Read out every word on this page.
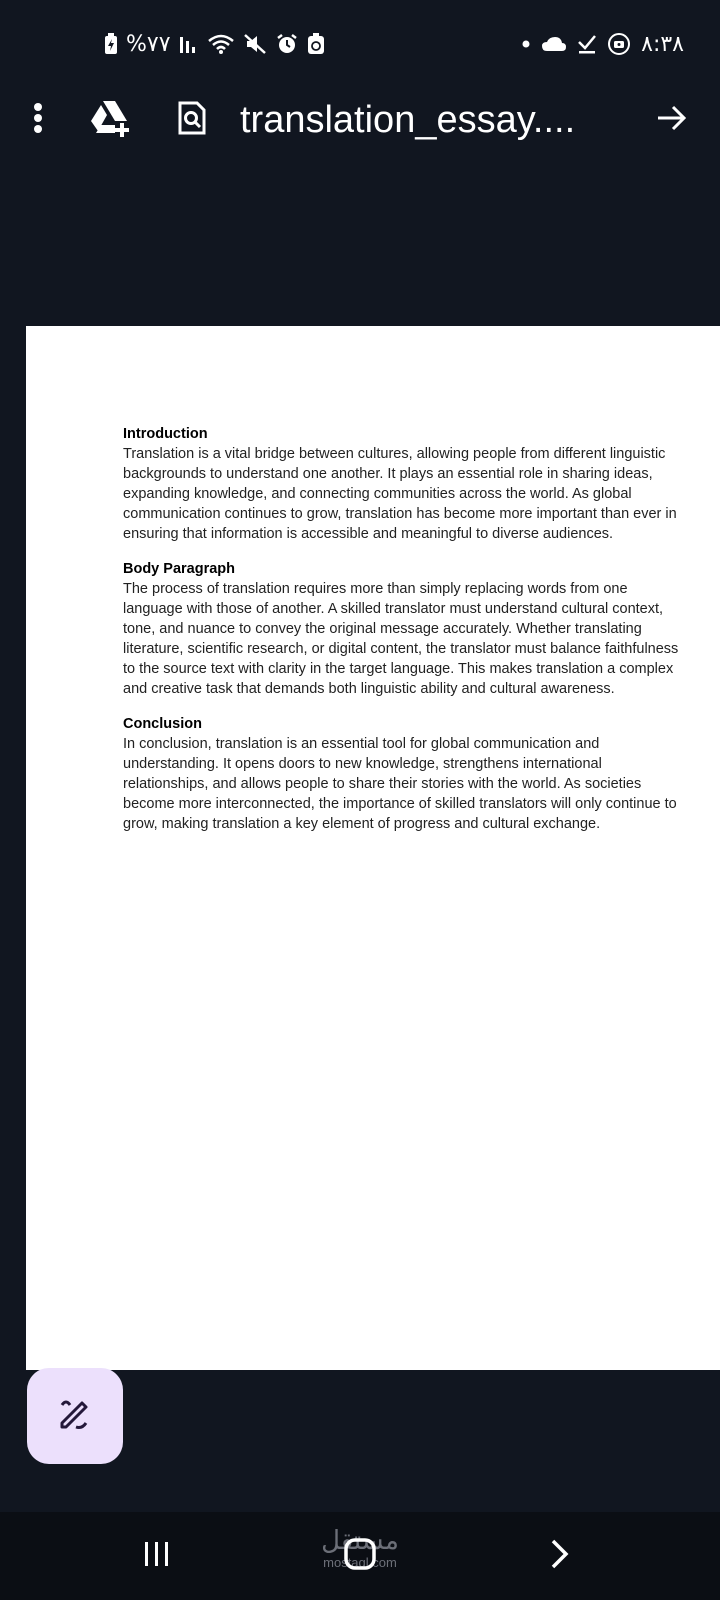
%٧٧	٨:٣٨
translation_essay....

Introduction

Translation is a vital bridge between cultures, allowing people from different linguistic backgrounds to understand one another. It plays an essential role in sharing ideas, expanding knowledge, and connecting communities across the world. As global communication continues to grow, translation has become more important than ever in ensuring that information is accessible and meaningful to diverse audiences.

Body Paragraph

The process of translation requires more than simply replacing words from one language with those of another. A skilled translator must understand cultural context, tone, and nuance to convey the original message accurately. Whether translating literature, scientific research, or digital content, the translator must balance faithfulness to the source text with clarity in the target language. This makes translation a complex and creative task that demands both linguistic ability and cultural awareness.

Conclusion

In conclusion, translation is an essential tool for global communication and understanding. It opens doors to new knowledge, strengthens international relationships, and allows people to share their stories with the world. As societies become more interconnected, the importance of skilled translators will only continue to grow, making translation a key element of progress and cultural exchange.

مستقل
mostaql.com
